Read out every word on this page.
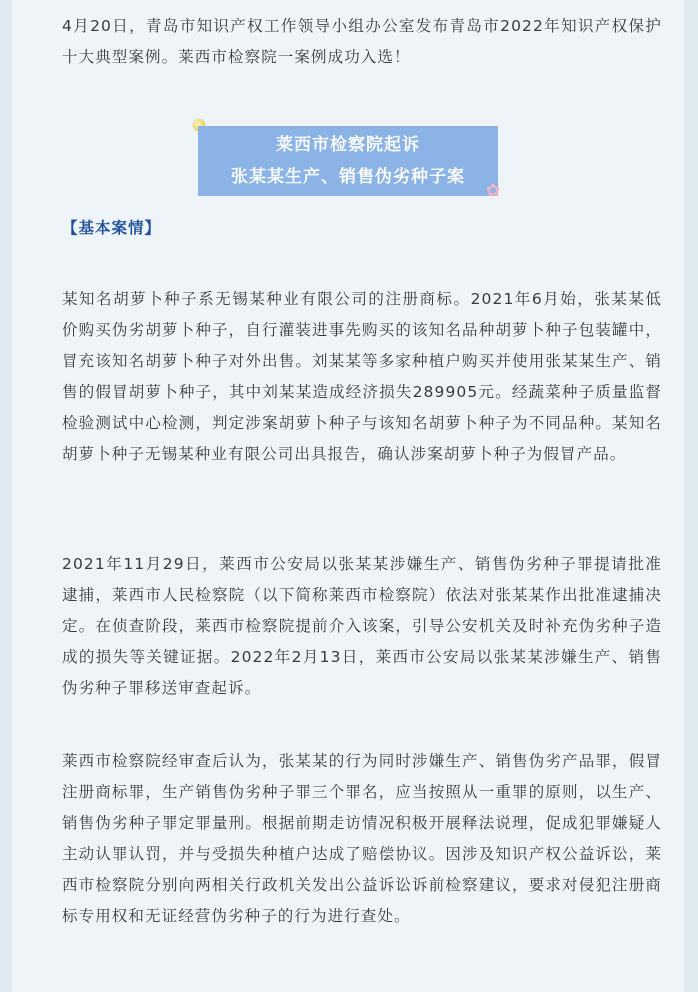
4月20日，青岛市知识产权工作领导小组办公室发布青岛市2022年知识产权保护十大典型案例。莱西市检察院一案例成功入选！

莱西市检察院起诉
张某某生产、销售伪劣种子案
✿
【基本案情】

某知名胡萝卜种子系无锡某种业有限公司的注册商标。2021年6月始，张某某低价购买伪劣胡萝卜种子，自行灌装进事先购买的该知名品种胡萝卜种子包装罐中，冒充该知名胡萝卜种子对外出售。刘某某等多家种植户购买并使用张某某生产、销售的假冒胡萝卜种子，其中刘某某造成经济损失289905元。经蔬菜种子质量监督检验测试中心检测，判定涉案胡萝卜种子与该知名胡萝卜种子为不同品种。某知名胡萝卜种子无锡某种业有限公司出具报告，确认涉案胡萝卜种子为假冒产品。

2021年11月29日，莱西市公安局以张某某涉嫌生产、销售伪劣种子罪提请批准逮捕，莱西市人民检察院（以下简称莱西市检察院）依法对张某某作出批准逮捕决定。在侦查阶段，莱西市检察院提前介入该案，引导公安机关及时补充伪劣种子造成的损失等关键证据。2022年2月13日，莱西市公安局以张某某涉嫌生产、销售伪劣种子罪移送审查起诉。

莱西市检察院经审查后认为，张某某的行为同时涉嫌生产、销售伪劣产品罪，假冒注册商标罪，生产销售伪劣种子罪三个罪名，应当按照从一重罪的原则，以生产、销售伪劣种子罪定罪量刑。根据前期走访情况积极开展释法说理，促成犯罪嫌疑人主动认罪认罚，并与受损失种植户达成了赔偿协议。因涉及知识产权公益诉讼，莱西市检察院分别向两相关行政机关发出公益诉讼诉前检察建议，要求对侵犯注册商标专用权和无证经营伪劣种子的行为进行查处。
